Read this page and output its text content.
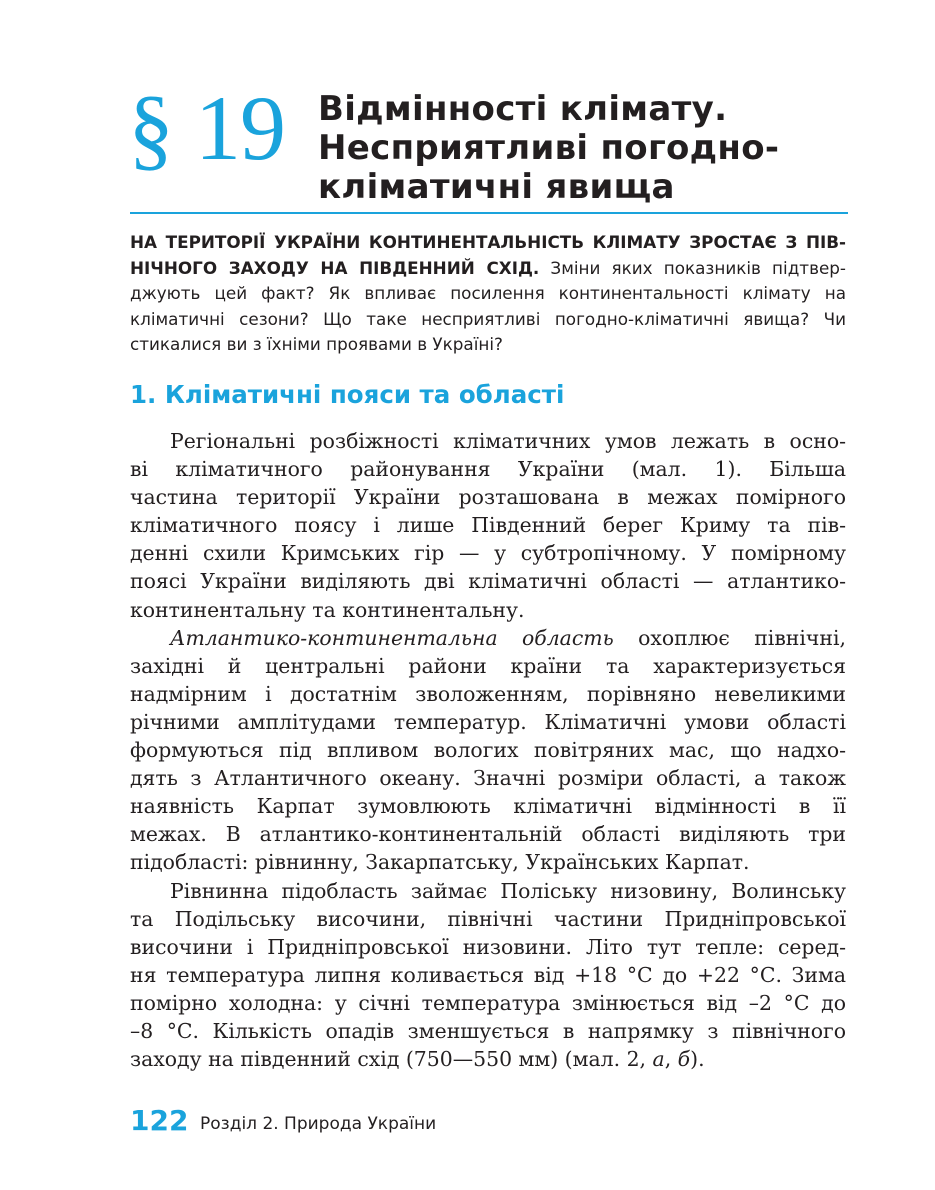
§ 19 Відмінності клімату.
Несприятливі погодно-
кліматичні явища
НА ТЕРИТОРІЇ УКРАЇНИ КОНТИНЕНТАЛЬНІСТЬ КЛІМАТУ ЗРОСТАЄ З ПІВ-
НІЧНОГО ЗАХОДУ НА ПІВДЕННИЙ СХІД. Зміни яких показників підтвер-
джують цей факт? Як впливає посилення континентальності клімату на
кліматичні сезони? Що таке несприятливі погодно-кліматичні явища? Чи
стикалися ви з їхніми проявами в Україні?
1. Кліматичні пояси та області
Регіональні розбіжності кліматичних умов лежать в осно-
ві кліматичного районування України (мал. 1). Більша
частина території України розташована в межах помірного
кліматичного поясу і лише Південний берег Криму та пів-
денні схили Кримських гір — у субтропічному. У помірному
поясі України виділяють дві кліматичні області — атлантико-
континентальну та континентальну.
Атлантико-континентальна область охоплює північні,
західні й центральні райони країни та характеризується
надмірним і достатнім зволоженням, порівняно невеликими
річними амплітудами температур. Кліматичні умови області
формуються під впливом вологих повітряних мас, що надхо-
дять з Атлантичного океану. Значні розміри області, а також
наявність Карпат зумовлюють кліматичні відмінності в її
межах. В атлантико-континентальній області виділяють три
підобласті: рівнинну, Закарпатську, Українських Карпат.
Рівнинна підобласть займає Поліську низовину, Волинську
та Подільську височини, північні частини Придніпровської
височини і Придніпровської низовини. Літо тут тепле: серед-
ня температура липня коливається від +18 °С до +22 °С. Зима
помірно холодна: у січні температура змінюється від –2 °С до
–8 °С. Кількість опадів зменшується в напрямку з північного
заходу на південний схід (750—550 мм) (мал. 2, а, б).
122 Розділ 2. Природа України
